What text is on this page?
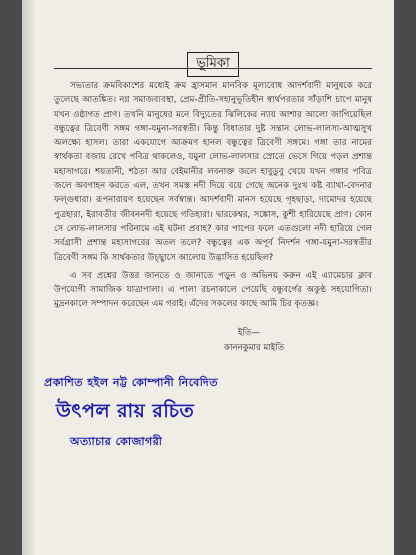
ভূমিকা

সভ্যতার ক্রমবিকাশের মধ্যেই ক্রম হ্রাসমান মানবিক মূল্যবোধ আদর্শবাদী মানুষকে করে তুলেছে আতঙ্কিত। নগ্ন সমাজব্যবস্থা, প্রেম-প্রীতি-সহানুভূতিহীন স্বার্থপরতার সাঁড়াশি চাপে মানুষ যখন ওষ্ঠাগত প্রাণ। তখনি মানুষের মনে বিদ্যুতের ঝিলিকের ন্যায় আশার আলো জাগিয়েছিল বন্ধুত্বের ত্রিবেণী সঙ্গম গঙ্গা-যমুনা-সরস্বতী। কিন্তু বিধাতার দুষ্ট সন্তান লোভ-লালসা-আত্মসুখ অলক্ষ্যে হাসল। তারা একযোগে আক্রমণ হানল বন্ধুত্বের ত্রিবেণী সঙ্গমে। গঙ্গা তার নামের স্বার্থকতা বজায় রেখে পবিত্র থাকলেও, যমুনা লোভ-লালসার স্রোতে ভেসে গিয়ে পড়ল প্রশান্ত মহাসাগরে। শয়তানী, শঠতা আর বেইমানীর লবনাক্ত জলে হাবুডুবু খেয়ে যখন গঙ্গার পবিত্র জলে অবগাহন করতে এল, তখন সমস্ত নদী দিয়ে বয়ে গেছে অনেক দুঃখ কষ্ট ব্যাথা-বেদনার ফল্গুধারা। রূপনারায়ণ হয়েছেন সর্বস্বান্ত। আদর্শবাদী মানস হয়েছে গৃহছাড়া, দামোদর হয়েছে পুত্রহারা, ইরাবতীর জীবননদী হয়েছে গতিহারা। দ্বারকেশ্বর, সঙ্কোস, কুশী হারিয়েছে প্রাণ। কোন সে লোভ-লালসার পরিনামে এই ঘটনা প্রবাহ? কার পাপের ফলে এতগুলো নদী হারিয়ে গেল সর্বগ্রাসী প্রশান্ত মহাসাগরের অতল তলে? বন্ধুত্বের এক অপূর্ব নিদর্শন গঙ্গা-যমুনা-সরস্বতীর ত্রিবেণী সঙ্গম কি সার্থকতার উচ্ছ্বাসে আলোয় উদ্ভাসিত হয়েছিল?

এ সব প্রশ্নের উত্তর জানতে ও জানাতে পড়ুন ও অভিনয় করুন এই এ্যামেচার ক্লাব উপযোগী সামাজিক যাত্রাপালা। এ পালা রচনাকালে পেয়েছি বন্ধুবর্গের অকুণ্ঠ সহযোগিতা। মুদ্রনকালে সম্পাদন করেছেন এম গরাই। এঁদের সকলের কাছে আমি চির কৃতজ্ঞ।

ইতি—
কাননকুমার মাইতি
প্রকাশিত হইল নট্ট কোম্পানী নিবেদিত
উৎপল রায় রচিত
অত্যাচার কোজাগরী
